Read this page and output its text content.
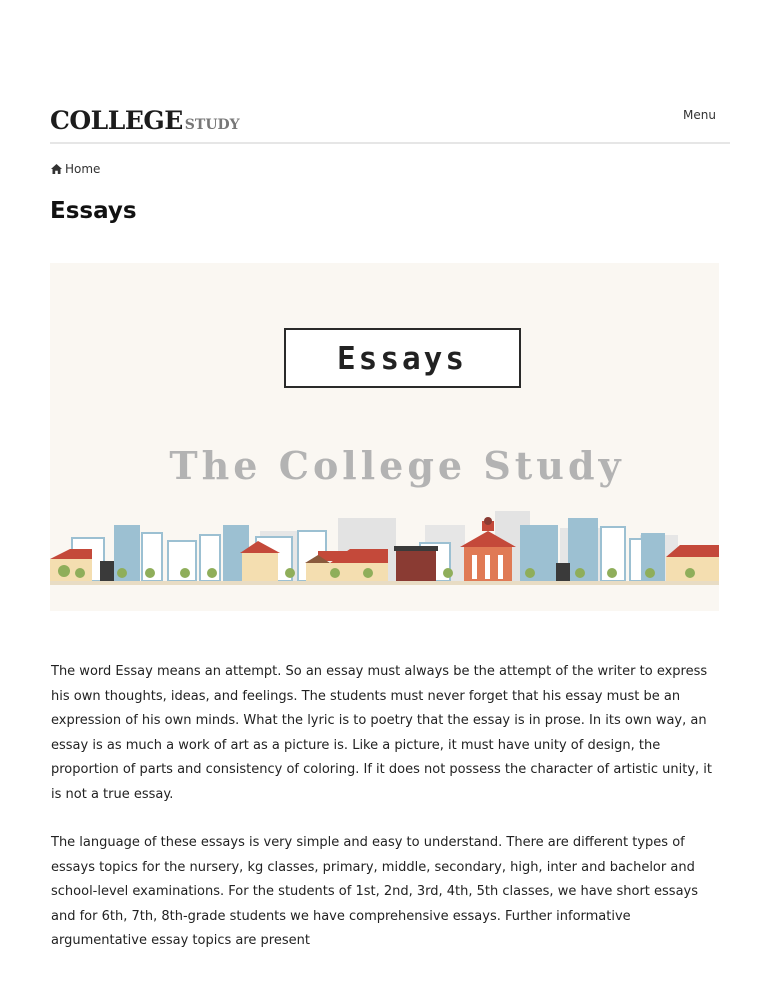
COLLEGE STUDY
Menu
Home
Essays
Essays
The College Study

The word Essay means an attempt. So an essay must always be the attempt of the writer to express his own thoughts, ideas, and feelings. The students must never forget that his essay must be an expression of his own minds. What the lyric is to poetry that the essay is in prose. In its own way, an essay is as much a work of art as a picture is. Like a picture, it must have unity of design, the proportion of parts and consistency of coloring. If it does not possess the character of artistic unity, it is not a true essay.

The language of these essays is very simple and easy to understand. There are different types of essays topics for the nursery, kg classes, primary, middle, secondary, high, inter and bachelor and school-level examinations. For the students of 1st, 2nd, 3rd, 4th, 5th classes, we have short essays and for 6th, 7th, 8th-grade students we have comprehensive essays. Further informative argumentative essay topics are present
